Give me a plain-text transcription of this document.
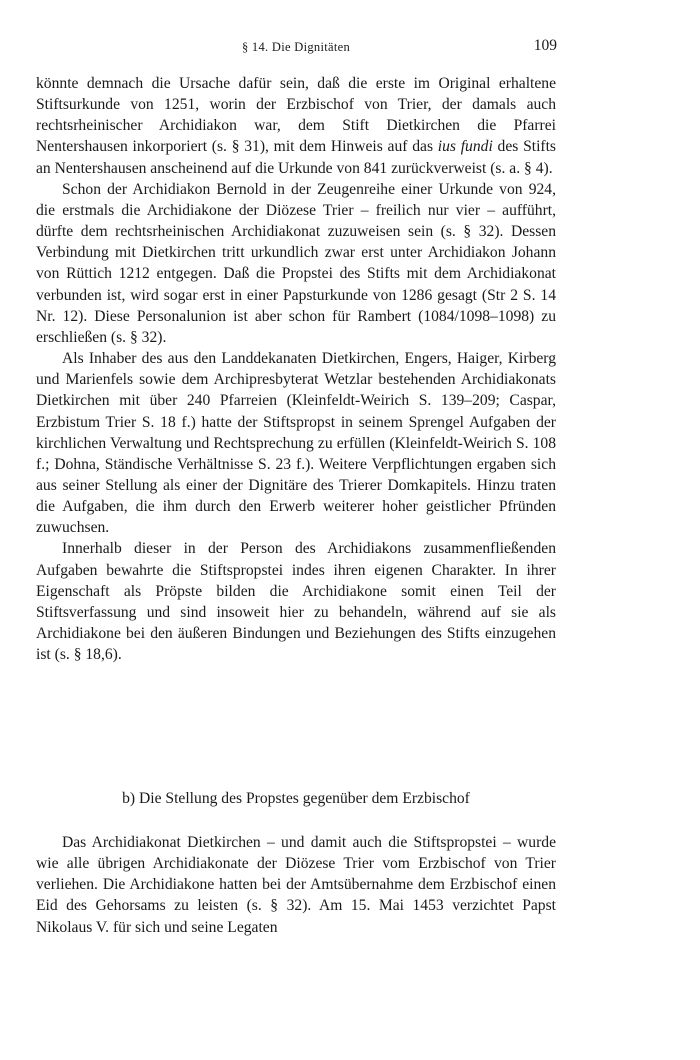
§ 14. Die Dignitäten	109

könnte demnach die Ursache dafür sein, daß die erste im Original erhaltene Stiftsurkunde von 1251, worin der Erzbischof von Trier, der damals auch rechtsrheinischer Archidiakon war, dem Stift Dietkirchen die Pfarrei Nentershausen inkorporiert (s. § 31), mit dem Hinweis auf das ius fundi des Stifts an Nentershausen anscheinend auf die Urkunde von 841 zurückverweist (s. a. § 4).

Schon der Archidiakon Bernold in der Zeugenreihe einer Urkunde von 924, die erstmals die Archidiakone der Diözese Trier – freilich nur vier – aufführt, dürfte dem rechtsrheinischen Archidiakonat zuzuweisen sein (s. § 32). Dessen Verbindung mit Dietkirchen tritt urkundlich zwar erst unter Archidiakon Johann von Rüttich 1212 entgegen. Daß die Propstei des Stifts mit dem Archidiakonat verbunden ist, wird sogar erst in einer Papsturkunde von 1286 gesagt (Str 2 S. 14 Nr. 12). Diese Personalunion ist aber schon für Rambert (1084/1098–1098) zu erschließen (s. § 32).

Als Inhaber des aus den Landdekanaten Dietkirchen, Engers, Haiger, Kirberg und Marienfels sowie dem Archipresbyterat Wetzlar bestehenden Archidiakonats Dietkirchen mit über 240 Pfarreien (Kleinfeldt-Weirich S. 139–209; Caspar, Erzbistum Trier S. 18 f.) hatte der Stiftspropst in seinem Sprengel Aufgaben der kirchlichen Verwaltung und Rechtsprechung zu erfüllen (Kleinfeldt-Weirich S. 108 f.; Dohna, Ständische Verhältnisse S. 23 f.). Weitere Verpflichtungen ergaben sich aus seiner Stellung als einer der Dignitäre des Trierer Domkapitels. Hinzu traten die Aufgaben, die ihm durch den Erwerb weiterer hoher geistlicher Pfründen zuwuchsen.

Innerhalb dieser in der Person des Archidiakons zusammenfließenden Aufgaben bewahrte die Stiftspropstei indes ihren eigenen Charakter. In ihrer Eigenschaft als Pröpste bilden die Archidiakone somit einen Teil der Stiftsverfassung und sind insoweit hier zu behandeln, während auf sie als Archidiakone bei den äußeren Bindungen und Beziehungen des Stifts einzugehen ist (s. § 18,6).

b) Die Stellung des Propstes gegenüber dem Erzbischof

Das Archidiakonat Dietkirchen – und damit auch die Stiftspropstei – wurde wie alle übrigen Archidiakonate der Diözese Trier vom Erzbischof von Trier verliehen. Die Archidiakone hatten bei der Amtsübernahme dem Erzbischof einen Eid des Gehorsams zu leisten (s. § 32). Am 15. Mai 1453 verzichtet Papst Nikolaus V. für sich und seine Legaten
